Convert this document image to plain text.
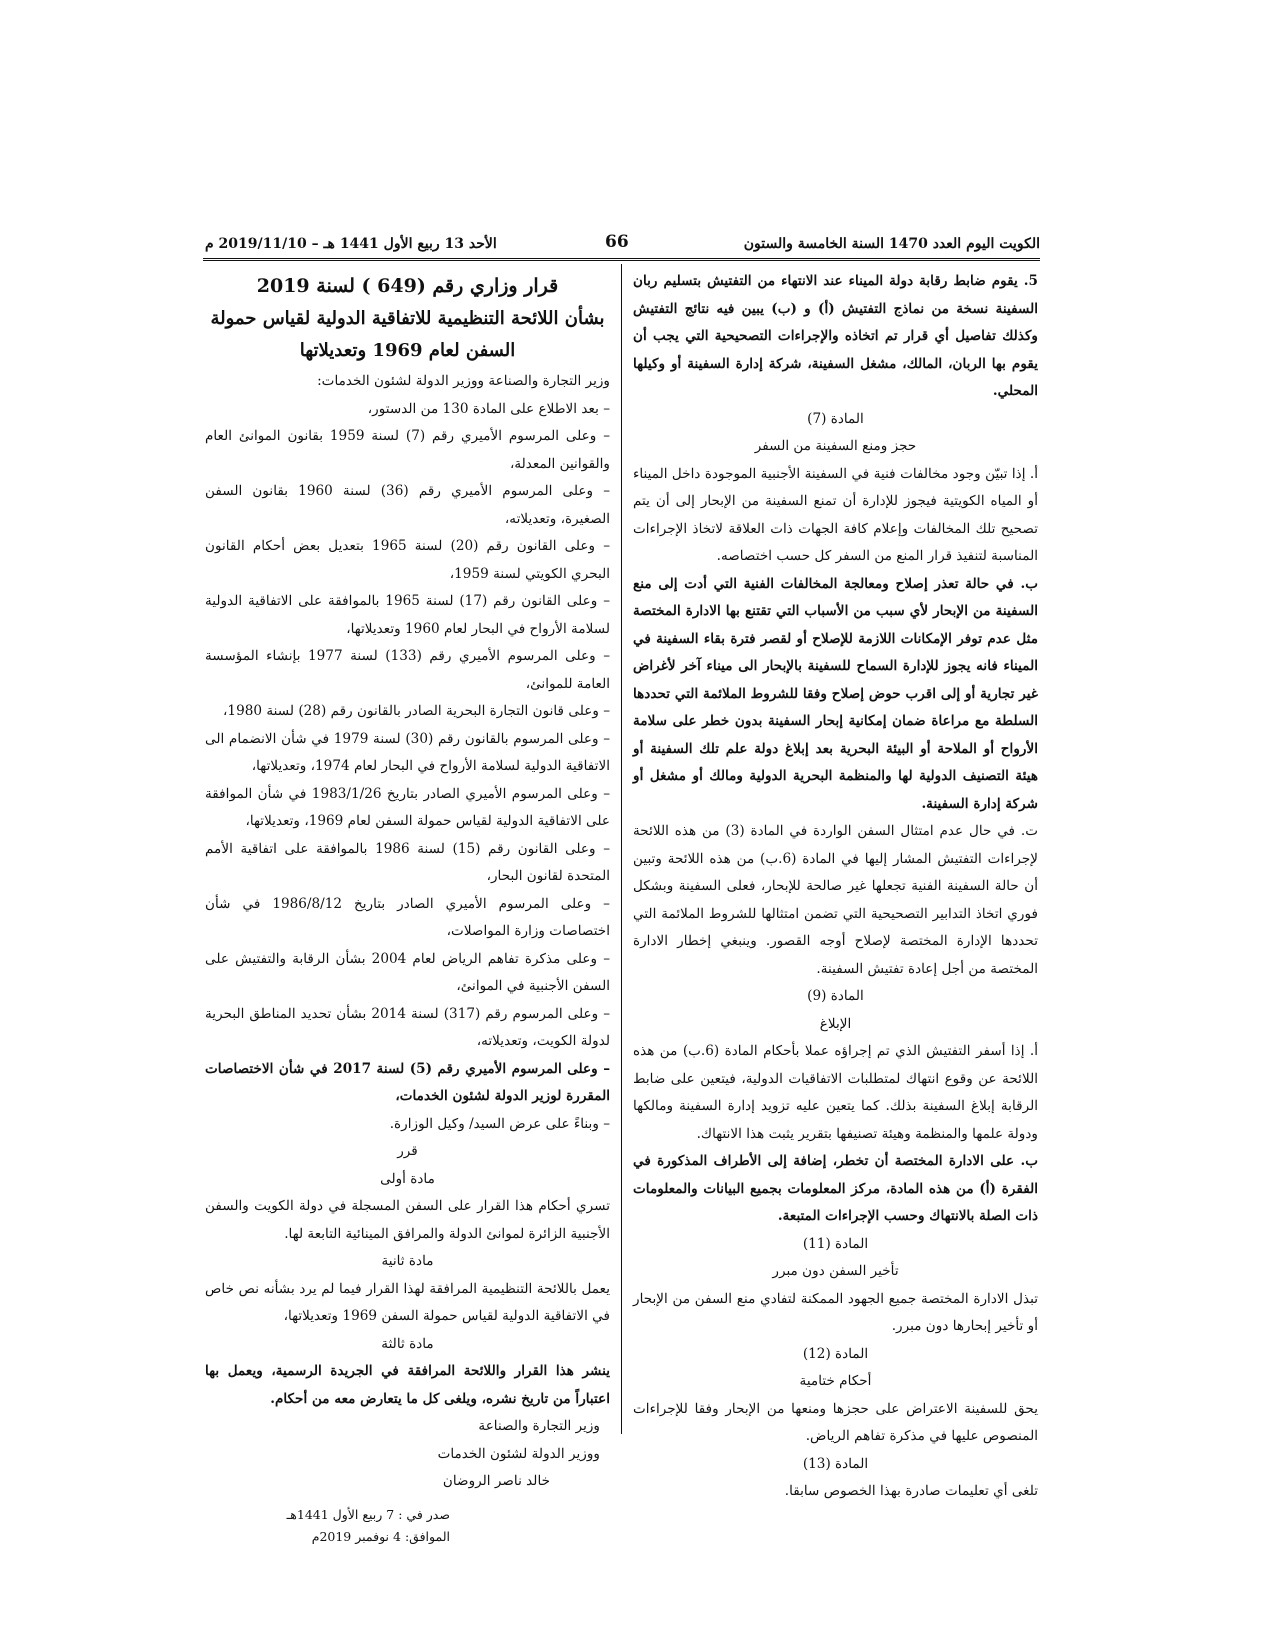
الكويت اليوم العدد 1470 السنة الخامسة والستون
66
الأحد 13 ربيع الأول 1441 هـ – 2019/11/10 م

5. يقوم ضابط رقابة دولة الميناء عند الانتهاء من التفتيش بتسليم ربان السفينة نسخة من نماذج التفتيش (أ) و (ب) يبين فيه نتائج التفتيش وكذلك تفاصيل أي قرار تم اتخاذه والإجراءات التصحيحية التي يجب أن يقوم بها الربان، المالك، مشغل السفينة، شركة إدارة السفينة أو وكيلها المحلي.

المادة (7)

حجز ومنع السفينة من السفر

أ. إذا تبيّن وجود مخالفات فنية في السفينة الأجنبية الموجودة داخل الميناء أو المياه الكويتية فيجوز للإدارة أن تمنع السفينة من الإبحار إلى أن يتم تصحيح تلك المخالفات وإعلام كافة الجهات ذات العلاقة لاتخاذ الإجراءات المناسبة لتنفيذ قرار المنع من السفر كل حسب اختصاصه.

ب. في حالة تعذر إصلاح ومعالجة المخالفات الفنية التي أدت إلى منع السفينة من الإبحار لأي سبب من الأسباب التي تقتنع بها الادارة المختصة مثل عدم توفر الإمكانات اللازمة للإصلاح أو لقصر فترة بقاء السفينة في الميناء فانه يجوز للإدارة السماح للسفينة بالإبحار الى ميناء آخر لأغراض غير تجارية أو إلى اقرب حوض إصلاح وفقا للشروط الملائمة التي تحددها السلطة مع مراعاة ضمان إمكانية إبحار السفينة بدون خطر على سلامة الأرواح أو الملاحة أو البيئة البحرية بعد إبلاغ دولة علم تلك السفينة أو هيئة التصنيف الدولية لها والمنظمة البحرية الدولية ومالك أو مشغل أو شركة إدارة السفينة.

ت. في حال عدم امتثال السفن الواردة في المادة (3) من هذه اللائحة لإجراءات التفتيش المشار إليها في المادة (6.ب) من هذه اللائحة وتبين أن حالة السفينة الفنية تجعلها غير صالحة للإبحار، فعلى السفينة وبشكل فوري اتخاذ التدابير التصحيحية التي تضمن امتثالها للشروط الملائمة التي تحددها الإدارة المختصة لإصلاح أوجه القصور. وينبغي إخطار الادارة المختصة من أجل إعادة تفتيش السفينة.

المادة (9)

الإبلاغ

أ. إذا أسفر التفتيش الذي تم إجراؤه عملا بأحكام المادة (6.ب) من هذه اللائحة عن وقوع انتهاك لمتطلبات الاتفاقيات الدولية، فيتعين على ضابط الرقابة إبلاغ السفينة بذلك. كما يتعين عليه تزويد إدارة السفينة ومالكها ودولة علمها والمنظمة وهيئة تصنيفها بتقرير يثبت هذا الانتهاك.

ب. على الادارة المختصة أن تخطر، إضافة إلى الأطراف المذكورة في الفقرة (أ) من هذه المادة، مركز المعلومات بجميع البيانات والمعلومات ذات الصلة بالانتهاك وحسب الإجراءات المتبعة.

المادة (11)

تأخير السفن دون مبرر

تبذل الادارة المختصة جميع الجهود الممكنة لتفادي منع السفن من الإبحار أو تأخير إبحارها دون مبرر.

المادة (12)

أحكام ختامية

يحق للسفينة الاعتراض على حجزها ومنعها من الإبحار وفقا للإجراءات المنصوص عليها في مذكرة تفاهم الرياض.

المادة (13)

تلغى أي تعليمات صادرة بهذا الخصوص سابقا.

قرار وزاري رقم (649 ) لسنة 2019
بشأن اللائحة التنظيمية للاتفاقية الدولية لقياس حمولة
السفن لعام 1969 وتعديلاتها

وزير التجارة والصناعة ووزير الدولة لشئون الخدمات:

– بعد الاطلاع على المادة 130 من الدستور،

– وعلى المرسوم الأميري رقم (7) لسنة 1959 بقانون الموانئ العام والقوانين المعدلة،

– وعلى المرسوم الأميري رقم (36) لسنة 1960 بقانون السفن الصغيرة، وتعديلاته،

– وعلى القانون رقم (20) لسنة 1965 بتعديل بعض أحكام القانون البحري الكويتي لسنة 1959،

– وعلى القانون رقم (17) لسنة 1965 بالموافقة على الاتفاقية الدولية لسلامة الأرواح في البحار لعام 1960 وتعديلاتها،

– وعلى المرسوم الأميري رقم (133) لسنة 1977 بإنشاء المؤسسة العامة للموانئ،

– وعلى قانون التجارة البحرية الصادر بالقانون رقم (28) لسنة 1980،

– وعلى المرسوم بالقانون رقم (30) لسنة 1979 في شأن الانضمام الى الاتفاقية الدولية لسلامة الأرواح في البحار لعام 1974، وتعديلاتها،

– وعلى المرسوم الأميري الصادر بتاريخ 1983/1/26 في شأن الموافقة على الاتفاقية الدولية لقياس حمولة السفن لعام 1969، وتعديلاتها،

– وعلى القانون رقم (15) لسنة 1986 بالموافقة على اتفاقية الأمم المتحدة لقانون البحار،

– وعلى المرسوم الأميري الصادر بتاريخ 1986/8/12 في شأن اختصاصات وزارة المواصلات،

– وعلى مذكرة تفاهم الرياض لعام 2004 بشأن الرقابة والتفتيش على السفن الأجنبية في الموانئ،

– وعلى المرسوم رقم (317) لسنة 2014 بشأن تحديد المناطق البحرية لدولة الكويت، وتعديلاته،

– وعلى المرسوم الأميري رقم (5) لسنة 2017 في شأن الاختصاصات المقررة لوزير الدولة لشئون الخدمات،

– وبناءً على عرض السيد/ وكيل الوزارة.

قرر

مادة أولى

تسري أحكام هذا القرار على السفن المسجلة في دولة الكويت والسفن الأجنبية الزائرة لموانئ الدولة والمرافق المينائية التابعة لها.

مادة ثانية

يعمل باللائحة التنظيمية المرافقة لهذا القرار فيما لم يرد بشأنه نص خاص في الاتفاقية الدولية لقياس حمولة السفن 1969 وتعديلاتها،

مادة ثالثة

ينشر هذا القرار واللائحة المرافقة في الجريدة الرسمية، ويعمل بها اعتباراً من تاريخ نشره، ويلغى كل ما يتعارض معه من أحكام.

وزير التجارة والصناعة

ووزير الدولة لشئون الخدمات

خالد ناصر الروضان

صدر في : 7 ربيع الأول 1441هـ

الموافق: 4 نوفمبر 2019م
